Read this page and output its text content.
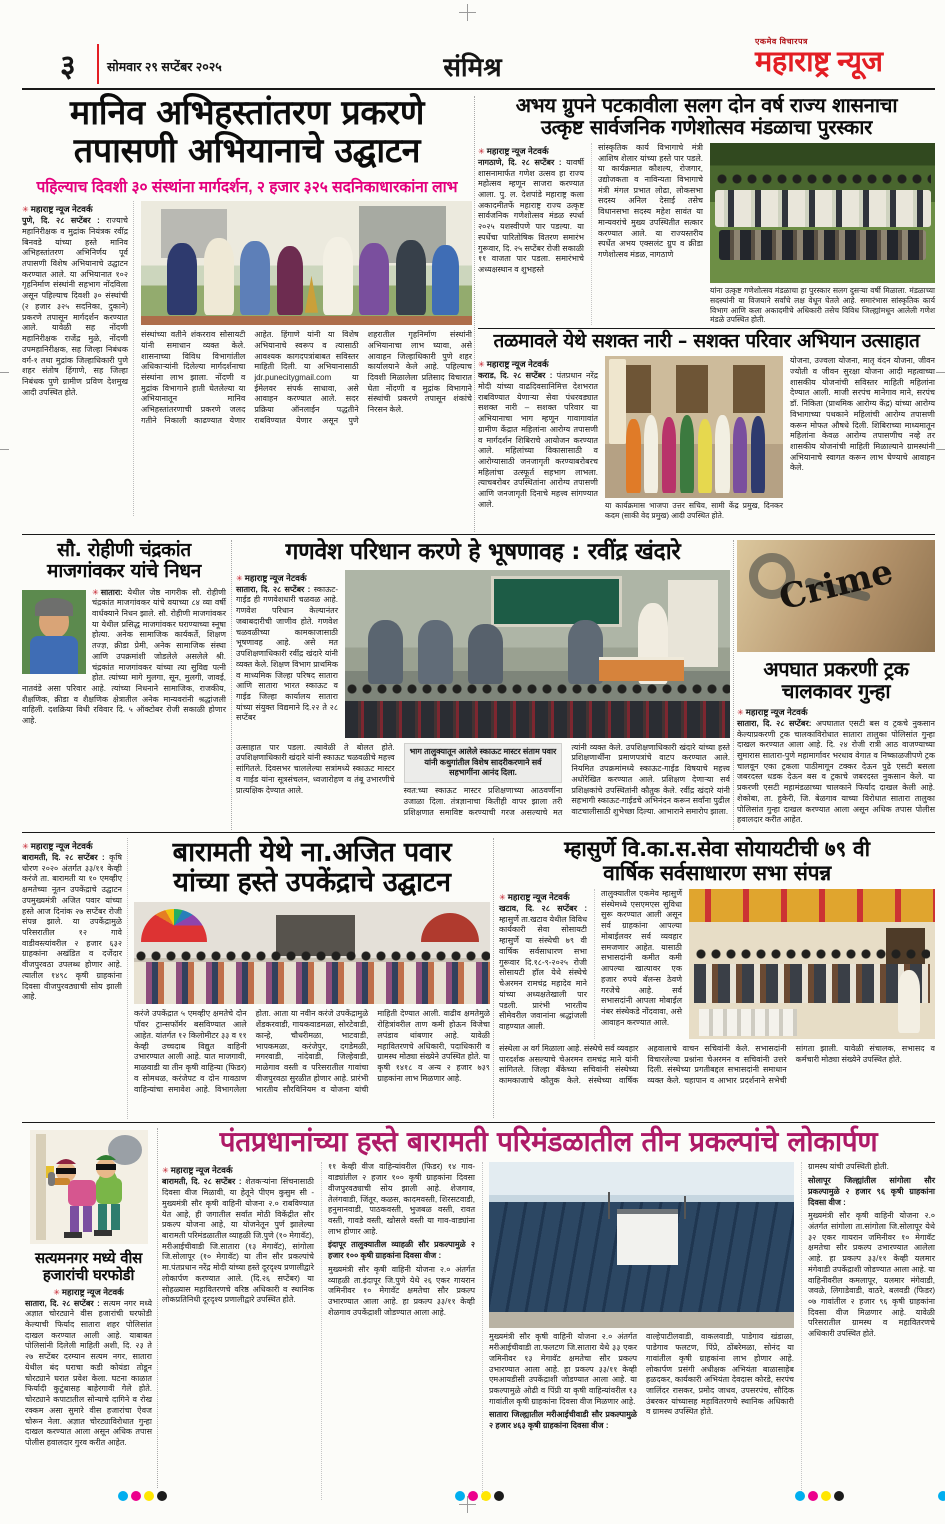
३	सोमवार २९ सप्टेंबर २०२५	संमिश्र
एकमेव विचारपत्र
महाराष्ट्र न्यूज
मानिव अभिहस्तांतरण प्रकरणे
तपासणी अभियानाचे उद्घाटन
पहिल्याच दिवशी ३० संस्थांना मार्गदर्शन, २ हजार ३२५ सदनिकाधारकांना लाभ
✳ महाराष्ट्र न्यूज नेटवर्क
पुणे, दि. २८ सप्टेंबर : राज्याचे महानिरीक्षक व मुद्रांक नियंत्रक रवींद्र बिनवडे यांच्या हस्ते मानिव अभिहस्तांतरण अभिनिर्णय पूर्व तपासणी विशेष अभियानाचे उद्घाटन करण्यात आले. या अभियानात १०२ गृहनिर्माण संस्थांनी सहभाग नोंदविला असून पहिल्याच दिवशी ३० संस्थांची (२ हजार ३२५ सदनिका, दुकाने) प्रकरणे तपासून मार्गदर्शन करण्यात आले. यावेळी सह नोंदणी महानिरीक्षक राजेंद्र मुळे, नोंदणी उपमहानिरीक्षक, सह जिल्हा निबंधक वर्ग-१ तथा मुद्रांक जिल्हाधिकारी पुणे शहर संतोष हिंगाणे, सह जिल्हा निबंधक पुणे ग्रामीण प्रविण देशमुख आदी उपस्थित होते.
संस्थांच्या वतीने शंकरराव सोसायटी यांनी समाधान व्यक्त केले. शासनाच्या विविध विभागांतील अधिकाऱ्यांनी दिलेल्या मार्गदर्शनाचा संस्थांना लाभ झाला. नोंदणी व मुद्रांक विभागाने हाती घेतलेल्या या अभियानातून मानिव अभिहस्तांतरणाची प्रकरणे जलद गतीने निकाली काढण्यात येणार आहेत. हिंगाणे यांनी या विशेष अभियानाचे स्वरूप व त्यासाठी आवश्यक कागदपत्रांबाबत सविस्तर माहिती दिली. या अभियानासाठी jdr.punecitygmail.com या ईमेलवर संपर्क साधावा, असे आवाहन करण्यात आले. सदर प्रक्रिया ऑनलाईन पद्धतीने राबविण्यात येणार असून पुणे शहरातील गृहनिर्माण संस्थांनी अभियानाचा लाभ घ्यावा, असे आवाहन जिल्हाधिकारी पुणे शहर कार्यालयाने केले आहे. पहिल्याच दिवशी मिळालेला प्रतिसाद विचारात घेता नोंदणी व मुद्रांक विभागाने संस्थांची प्रकरणे तपासून शंकांचे निरसन केले.
अभय ग्रुपने पटकावीला सलग दोन वर्ष राज्य शासनाचा
उत्कृष्ट सार्वजनिक गणेशोत्सव मंडळाचा पुरस्कार
✳ महाराष्ट्र न्यूज नेटवर्क
नागठाणे, दि. २८ सप्टेंबर : यावर्षी शासनामार्फत गणेश उत्सव हा राज्य महोत्सव म्हणून साजरा करण्यात आला. पु. ल. देशपांडे महाराष्ट्र कला अकादमीतर्फे महाराष्ट्र राज्य उत्कृष्ट सार्वजनिक गणेशोत्सव मंडळ स्पर्धा २०२५ यशस्वीपणे पार पडल्या. या स्पर्धेचा पारितोषिक वितरण समारंभ गुरूवार, दि. २५ सप्टेंबर रोजी सकाळी ११ वाजता पार पडला. समारंभाचे अध्यक्षस्थान व शुभहस्ते
सांस्कृतिक कार्य विभागाचे मंत्री आशिष शेलार यांच्या हस्ते पार पडले. या कार्यक्रमात कौशल्य, रोजगार, उद्योजकता व नाविन्यता विभागाचे मंत्री मंगल प्रभात लोढा, लोकसभा सदस्य अनिल देसाई तसेच विधानसभा सदस्य महेश सावंत या मान्यवरांचे मुख्य उपस्थितीत सत्कार करण्यात आले. या राज्यस्तरीय स्पर्धेत अभय एक्सलंट ग्रुप व क्रीडा गणेशोत्सव मंडळ, नागठाणे
यांना उत्कृष्ट गणेशोत्सव मंडळाचा हा पुरस्कार सलग दुसऱ्या वर्षी मिळाला. मंडळाच्या सदस्यांनी या विजयाने सर्वांचे लक्ष वेधून घेतले आहे. समारंभास सांस्कृतिक कार्य विभाग आणि कला अकादमीचे अधिकारी तसेच विविध जिल्ह्यांमधून आलेली गणेश मंडळे उपस्थित होती.
तळमावले येथे सशक्त नारी – सशक्त परिवार अभियान उत्साहात
✳ महाराष्ट्र न्यूज नेटवर्क
कराड, दि. २८ सप्टेंबर : पंतप्रधान नरेंद्र मोदी यांच्या वाढदिवसानिमित्त देशभरात राबविण्यात येणाऱ्या सेवा पंधरवड्यात सशक्त नारी – सशक्त परिवार या अभियानाचा भाग म्हणून गावागावांत ग्रामीण केंद्रात महिलांना आरोग्य तपासणी व मार्गदर्शन शिबिराचे आयोजन करण्यात आले. महिलांच्या विकासासाठी व आरोग्यासाठी जनजागृती करण्याबरोबरच महिलांचा उत्स्फूर्त सहभाग लाभला. त्याचबरोबर उपस्थितांना आरोग्य तपासणी आणि जनजागृती दिनाचे महत्त्व सांगण्यात आले.	या कार्यक्रमास भाजपा उत्तर सचिव, सामी केंद्र प्रमुख, दिनकर कदम (साकी वेद प्रमुख) आदी उपस्थित होते.
योजना, उज्वला योजना, मातृ वंदन योजना, जीवन ज्योती व जीवन सुरक्षा योजना आदी महत्वाच्या शासकीय योजनांची सविस्तर माहिती महिलांना देण्यात आली. माजी सरपंच मानेगाव माने, सरपंच डॉ. निकिता (प्राथमिक आरोग्य केंद्र) यांच्या आरोग्य विभागाच्या पथकाने महिलांची आरोग्य तपासणी करून मोफत औषधे दिली. शिबिराच्या माध्यमातून महिलांना केवळ आरोग्य तपासणीच नव्हे तर शासकीय योजनांची माहिती मिळाल्याने ग्रामस्थांनी अभियानाचे स्वागत करून लाभ घेण्याचे आवाहन केले.
सौ. रोहीणी चंद्रकांत
माजगांवकर यांचे निधन
✳ सातारा: येथील जेष्ठ नागरीक सौ. रोहीणी चंद्रकांत माजगांवकर यांचे वयाच्या ८४ व्या वर्षी वार्धक्याने निधन झाले. सौ. रोहीणी माजगांवकर या येथील प्रसिद्ध माजगांवकर घराण्याच्या स्नूषा होत्या. अनेक सामाजिक कार्यकर्ते, शिक्षण तज्ज्ञ, क्रीडा प्रेमी, अनेक सामाजिक संस्था आणि उपक्रमांशी जोडलेले असलेले श्री. चंद्रकांत माजगांवकर यांच्या त्या सुविद्य पत्नी होत. त्यांच्या मागे मुलगा, सून, मुलगी, जावई, नातवंडे असा परिवार आहे. त्यांच्या निधनाने सामाजिक, राजकीय, शैक्षणिक, क्रीडा व शैक्षणिक क्षेत्रातील अनेक मान्यवरांनी श्रद्धांजली वाहिली. दशक्रिया विधी रविवार दि. ५ ऑक्टोबर रोजी सकाळी होणार आहे.
गणवेश परिधान करणे हे भूषणावह : रवींद्र खंदारे
✳ महाराष्ट्र न्यूज नेटवर्क
सातारा, दि. २८ सप्टेंबर : स्काऊट-गाईड ही गणवेशधारी चळवळ आहे. गणवेश परिधान केल्यानंतर जबाबदारीची जाणीव होते. गणवेश चळवळीच्या कामकाजासाठी भूषणावह आहे. असे मत उपशिक्षणाधिकारी रवींद्र खंदारे यांनी व्यक्त केले. शिक्षण विभाग प्राथमिक व माध्यमिक जिल्हा परिषद सातारा आणि सातारा भारत स्काऊट व गाईड जिल्हा कार्यालय सातारा यांच्या संयुक्त विद्यमाने दि.२२ ते २८ सप्टेंबर
उत्साहात पार पडला. त्यावेळी ते बोलत होते. उपशिक्षणाधिकारी खंदारे यांनी स्काऊट चळवळीचे महत्त्व सांगितले. दिवसभर चाललेल्या सत्रांमध्ये स्काऊट मास्टर व गाईड यांना सूत्रसंचलन, ध्वजारोहण व तंबू उभारणीचे प्रात्यक्षिक देण्यात आले.
भाग तालुक्यातून आलेले स्काऊट मास्टर संताम पवार यांनी कथुगांतील विशेष सादरीकरणाने सर्व सहभागींना आनंद दिला.
स्वत:च्या स्काऊट मास्टर प्रशिक्षणाच्या आठवणींना उजाळा दिला. तंत्रज्ञानाचा कितीही वापर झाला तरी प्रशिक्षणात समाविष्ट करण्याची गरज असल्याचे मत त्यांनी व्यक्त केले. उपशिक्षणाधिकारी खंदारे यांच्या हस्ते प्रशिक्षणार्थींना प्रमाणपत्रांचे वाटप करण्यात आले. नियमित उपक्रमांमध्ये स्काऊट-गाईड विषयाचे महत्त्व अधोरेखित करण्यात आले. प्रशिक्षण देणाऱ्या सर्व प्रशिक्षकांचे उपस्थितांनी कौतुक केले. रवींद्र खंदारे यांनी सहभागी स्काऊट-गाईडचे अभिनंदन करून सर्वांना पुढील वाटचालीसाठी शुभेच्छा दिल्या. आभाराने समारोप झाला.
Crime
अपघात प्रकरणी ट्रक
चालकावर गुन्हा
✳ महाराष्ट्र न्यूज नेटवर्क
सातारा, दि. २८ सप्टेंबर: अपघातात एसटी बस व ट्रकचे नुकसान केल्याप्रकरणी ट्रक चालकाविरोधात सातारा तालुका पोलिसांत गुन्हा दाखल करण्यात आला आहे. दि. २४ रोजी रात्री आठ वाजण्याच्या सुमारास सातारा-पुणे महामार्गावर भरधाव वेगात व निष्काळजीपणे ट्रक चालवून एका ट्रकला पाठीमागून टक्कर देऊन पुढे एसटी बसला जबरदस्त धडक देऊन बस व ट्रकाचे जबरदस्त नुकसान केले. या प्रकरणी एसटी महामंडळाच्या चालकाने फिर्याद दाखल केली आहे. शेकोबा, ता. हुकेरी, जि. बेळगाव याच्या विरोधात सातारा तालुका पोलिसांत गुन्हा दाखल करण्यात आला असून अधिक तपास पोलीस हवालदार करीत आहेत.
✳ महाराष्ट्र न्यूज नेटवर्क
बारामती, दि. २८ सप्टेंबर : कृषि धोरण २०२० अंतर्गत ३३/११ केव्ही करंजे ता. बारामती या १० एमव्हीए क्षमतेच्या नूतन उपकेंद्राचे उद्घाटन उपमुख्यमंत्री अजित पवार यांच्या हस्ते आज दिनांक २७ सप्टेंबर रोजी संपन्न झाले. या उपकेंद्रामुळे परिसरातील १२ गावे वाडीवस्त्यांवरील २ हजार ६३२ ग्राहकांना अखंडित व दर्जेदार वीजपुरवठा उपलब्ध होणार आहे. त्यातील १४९८ कृषी ग्राहकांना दिवसा वीजपुरवठ्याची सोय झाली आहे.
बारामती येथे ना.अजित पवार
यांच्या हस्ते उपकेंद्राचे उद्घाटन
करंजे उपकेंद्रात ५ एमव्हीए क्षमतेचे दोन पॉवर ट्रान्सफॉर्मर बसविण्यात आले आहेत. यांतर्गत १२ किलोमीटर ३३ व ११ केव्ही उच्चदाब विद्युत वाहिनी उभारण्यात आली आहे. यात माजगावी, माळवाडी या तीन कृषी वाहिन्या (फिडर) व सोमथळ, करंजेपट व दोन गावठाण वाहिन्यांचा समावेश आहे. विभागलेला होता. आता या नवीन करंजे उपकेंद्रामुळे शेंडकरवाडी, गायकवाडमळा, सोरटेवाडी, कान्हे, चौधरीमळा, भाटवाडी, भापकमळा, करंजेपुर, दगडेमळी, मगरवाडी, नांदेवाडी, जिल्हेवाडी, माळेगाव वस्ती व परिसरातील गावांचा वीजपुरवठा सुरळीत होणार आहे. प्रारंभी भारतीय सौरविनियम व योजना यांची माहिती देण्यात आली. वाढीव क्षमतेमुळे रोहित्रांवरील ताण कमी होऊन विजेचा लपंडाव थांबणार आहे. यावेळी महावितरणचे अधिकारी, पदाधिकारी व ग्रामस्थ मोठ्या संख्येने उपस्थित होते. या कृषी १४१८ व अन्य २ हजार ७३९ ग्राहकांना लाभ मिळणार आहे.
म्हासुर्णे वि.का.स.सेवा सोयायटीची ७९ वी
वार्षिक सर्वसाधारण सभा संपन्न
✳ महाराष्ट्र न्यूज नेटवर्क
खटाव, दि. २८ सप्टेंबर : म्हासुर्णे ता.खटाव येथील विविध कार्यकारी सेवा सोसायटी म्हासुर्णे या संस्थेची ७९ वी वार्षिक सर्वसाधारण सभा गुरूवार दि.१८-९-२०२५ रोजी सोसायटी हॉल येथे संस्थेचे चेअरमन रामचंद्र महादेव माने यांच्या अध्यक्षतेखाली पार पडली. प्रारंभी भारतीय सीमेवरील जवानांना श्रद्धांजली वाहण्यात आली.
तालुक्यातील एकमेव म्हासुर्णे संस्थेमध्ये एसएमएस सुविधा सुरू करण्यात आली असून सर्व ग्राहकांना आपल्या मोबाईलवर सर्व व्यवहार समजणार आहेत. यासाठी सभासदांनी कमीत कमी आपल्या खात्यावर एक हजार रुपये बॅलन्स ठेवणे गरजेचे आहे. सर्व सभासदांनी आपला मोबाईल नंबर संस्थेकडे नोंदवावा, असे आवाहन करण्यात आले.
संस्थेला अ वर्ग मिळाला आहे. संस्थेचे सर्व व्यवहार पारदर्शक असल्याचे चेअरमन रामचंद्र माने यांनी सांगितले. जिल्हा बँकेच्या सचिवांनी संस्थेच्या कामकाजाचे कौतुक केले. संस्थेच्या वार्षिक अहवालाचे वाचन सचिवांनी केले. सभासदांनी विचारलेल्या प्रश्नांना चेअरमन व सचिवांनी उत्तरे दिली. संस्थेच्या प्रगतीबद्दल सभासदांनी समाधान व्यक्त केले. चहापान व आभार प्रदर्शनाने सभेची सांगता झाली. यावेळी संचालक, सभासद व कर्मचारी मोठ्या संख्येने उपस्थित होते.
सत्यमनगर मध्ये वीस
हजारांची घरफोडी
✳ महाराष्ट्र न्यूज नेटवर्क
सातारा, दि. २८ सप्टेंबर : सत्यम नगर मध्ये अज्ञात चोरट्याने वीस हजारांची घरफोडी केल्याची फिर्याद सातारा शहर पोलिसांत दाखल करण्यात आली आहे. याबाबत पोलिसांनी दिलेली माहिती अशी, दि. २३ ते २७ सप्टेंबर दरम्यान सत्यम नगर, सातारा येथील बंद घराचा कडी कोयंडा तोडून चोरट्याने घरात प्रवेश केला. घटना काळात फिर्यादी कुटुंबासह बाहेरगावी गेले होते. चोरट्याने कपाटातील सोन्याचे दागिने व रोख रक्कम असा सुमारे वीस हजारांचा ऐवज चोरून नेला. अज्ञात चोरट्याविरोधात गुन्हा दाखल करण्यात आला असून अधिक तपास पोलीस हवालदार गुरव करीत आहेत.
पंतप्रधानांच्या हस्ते बारामती परिमंडळातील तीन प्रकल्पांचे लोकार्पण
✳ महाराष्ट्र न्यूज नेटवर्क
बारामती, दि. २८ सप्टेंबर : शेतकऱ्यांना सिंचनासाठी दिवसा वीज मिळावी, या हेतूने पीएम कुसुम सी - मुख्यमंत्री सौर कृषी वाहिनी योजना २.० राबविण्यात येत आहे, ही जगातील सर्वात मोठी विकेंद्रीत सौर प्रकल्प योजना आहे, या योजनेतून पुर्ण झालेल्या बारामती परिमंडळातील व्याहळी जि.पुणे (१० मेगावॅट), मरीआईचीवाडी जि.सातारा (१३ मेगावॅट), सांगोला जि.सोलापूर (१० मेगावॅट) या तीन सौर प्रकल्पांचे मा.पंतप्रधान नरेंद्र मोदी यांच्या हस्ते दूरदृश्य प्रणालीद्वारे लोकार्पण करण्यात आले. (दि.२६ सप्टेंबर) या सोहळ्यास महावितरणचे वरिष्ठ अधिकारी व स्थानिक लोकप्रतिनिधी दूरदृश्य प्रणालीद्वारे उपस्थित होते.
११ केव्ही वीज वाहिन्यांवरील (फिडर) १४ गाव- वाड्यांतील २ हजार १०० कृषी ग्राहकांना दिवसा वीजपुरवठ्याची सोय झाली आहे. शेजगाव, तेलंगवाडी, जिंतूर, कळस, कादमवस्ती, शिरसटवाडी, हनुमानवाडी, पाठकवस्ती, भुजबळ वस्ती, रावत वस्ती, गावडे वस्ती, खोसले वस्ती या गाव-वाड्यांना लाभ होणार आहे.
इंदापूर तालुक्यातील व्याहळी सौर प्रकल्पामुळे २ हजार १०० कृषी ग्राहकांना दिवसा वीज :
मुख्यमंत्री सौर कृषी वाहिनी योजना २.० अंतर्गत व्याहळी ता.इंदापूर जि.पुणे येथे २६ एकर गायरान जमिनीवर १० मेगावॅट क्षमतेचा सौर प्रकल्प उभारण्यात आला आहे. हा प्रकल्प ३३/११ केव्ही शेळगाव उपकेंद्राशी जोडण्यात आला आहे.
मुख्यमंत्री सौर कृषी वाहिनी योजना २.० अंतर्गत मरीआईचीवाडी ता.फलटण जि.सातारा येथे ३३ एकर जमिनीवर १३ मेगावॅट क्षमतेचा सौर प्रकल्प उभारण्यात आला आहे. हा प्रकल्प ३३/११ केव्ही एमआयडीसी उपकेंद्राशी जोडण्यात आला आहे. या प्रकल्पामुळे ओढी व पिंप्री या कृषी वाहिन्यांवरील १३ गावांतील कृषी ग्राहकांना दिवसा वीज मिळणार आहे.
सातारा जिल्ह्यातील मरीआईचीवाडी सौर प्रकल्पामुळे २ हजार ४६३ कृषी ग्राहकांना दिवसा वीज :
वाल्हेपाटीलवाडी, वाकलवाडी, पाडेगाव खंडाळा, पाडेगाव फलटण, पिंप्रे, ठोंबरेमळा, सोनंद या गावांतील कृषी ग्राहकांना लाभ होणार आहे. लोकार्पण प्रसंगी अधीक्षक अभियंता बाळासाहेब हळदकर, कार्यकारी अभियंता देवदास कोरडे, सरपंच जालिंदर रासकर, प्रमोद जाधव, उपसरपंच, सौदिक उंबरकर यांच्यासह महावितरणचे स्थानिक अधिकारी व ग्रामस्थ उपस्थित होते.
ग्रामस्थ यांची उपस्थिती होती.
सोलापूर जिल्ह्यांतील सांगोला सौर प्रकल्पामुळे २ हजार ९६ कृषी ग्राहकांना दिवसा वीज :
मुख्यमंत्री सौर कृषी वाहिनी योजना २.० अंतर्गत सांगोला ता.सांगोला जि.सोलापूर येथे ३२ एकर गायरान जमिनीवर १० मेगावॅट क्षमतेचा सौर प्रकल्प उभारण्यात आलेला आहे. हा प्रकल्प ३३/११ केव्ही यलमार मंगेवाडी उपकेंद्राशी जोडण्यात आला आहे. या वाहिनीवरील कमलापूर, यलमार मंगेवाडी, जवळे, लिगाडेवाडी, वाठरे, बलवडी (फिडर) ०७ गावांतील २ हजार ९६ कृषी ग्राहकांना दिवसा वीज मिळणार आहे. यावेळी परिसरातील ग्रामस्थ व महावितरणचे अधिकारी उपस्थित होते.
